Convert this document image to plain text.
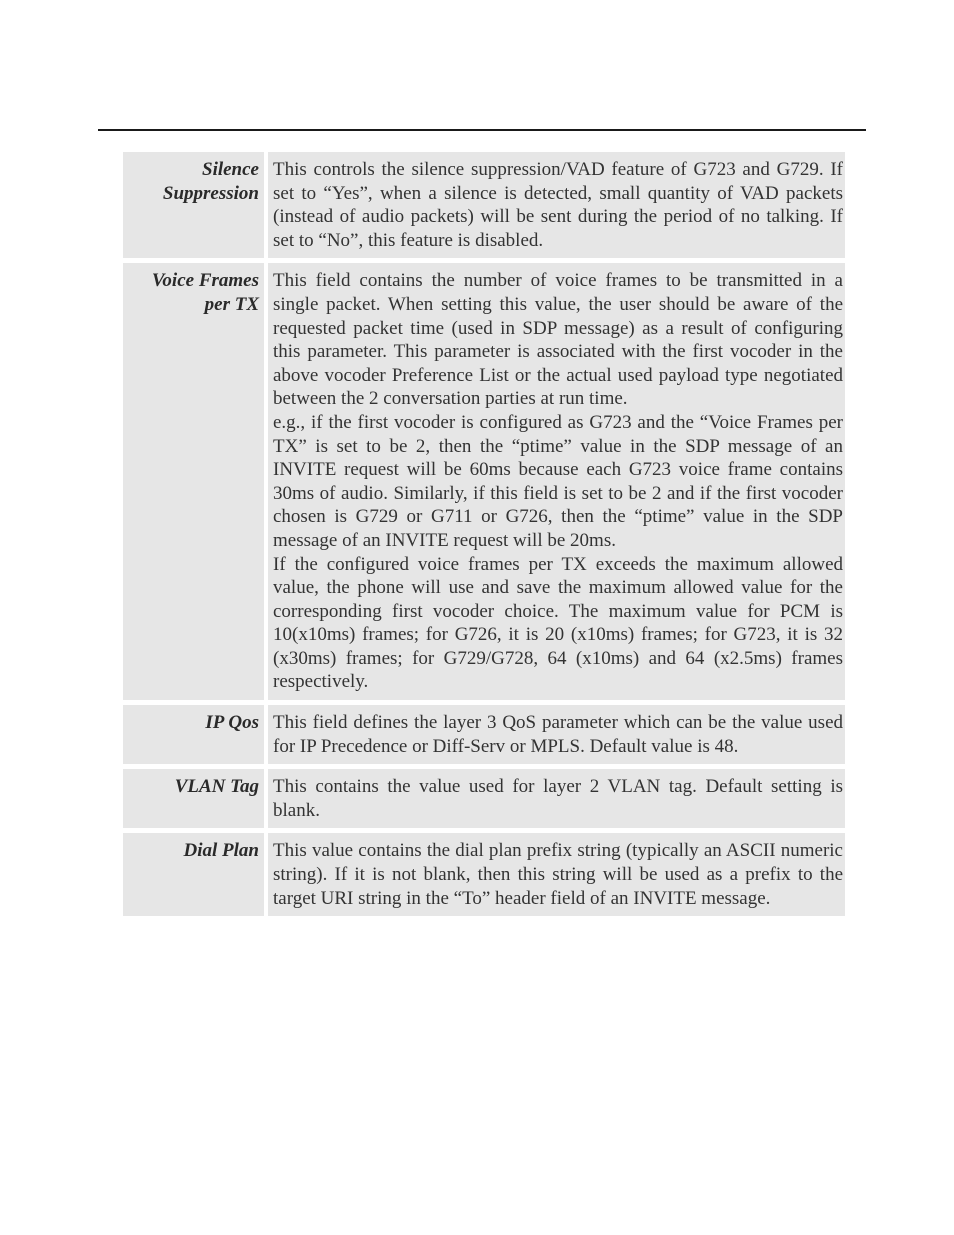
Silence Suppression

This controls the silence suppression/VAD feature of G723 and G729. If set to “Yes”, when a silence is detected, small quantity of VAD packets (instead of audio packets) will be sent during the period of no talking. If set to “No”, this feature is disabled.

Voice Frames per TX

This field contains the number of voice frames to be transmitted in a single packet. When setting this value, the user should be aware of the requested packet time (used in SDP message) as a result of configuring this parameter. This parameter is associated with the first vocoder in the above vocoder Preference List or the actual used payload type negotiated between the 2 conversation parties at run time.

e.g., if the first vocoder is configured as G723 and the “Voice Frames per TX” is set to be 2, then the “ptime” value in the SDP message of an INVITE request will be 60ms because each G723 voice frame contains 30ms of audio. Similarly, if this field is set to be 2 and if the first vocoder chosen is G729 or G711 or G726, then the “ptime” value in the SDP message of an INVITE request will be 20ms.

If the configured voice frames per TX exceeds the maximum allowed value, the phone will use and save the maximum allowed value for the corresponding first vocoder choice. The maximum value for PCM is 10(x10ms) frames; for G726, it is 20 (x10ms) frames; for G723, it is 32 (x30ms) frames; for G729/G728, 64 (x10ms) and 64 (x2.5ms) frames respectively.

IP Qos This field defines the layer 3 QoS parameter which can be the value used for IP Precedence or Diff-Serv or MPLS. Default value is 48.

VLAN Tag This contains the value used for layer 2 VLAN tag. Default setting is blank.

Dial Plan This value contains the dial plan prefix string (typically an ASCII numeric string). If it is not blank, then this string will be used as a prefix to the target URI string in the “To” header field of an INVITE message.
